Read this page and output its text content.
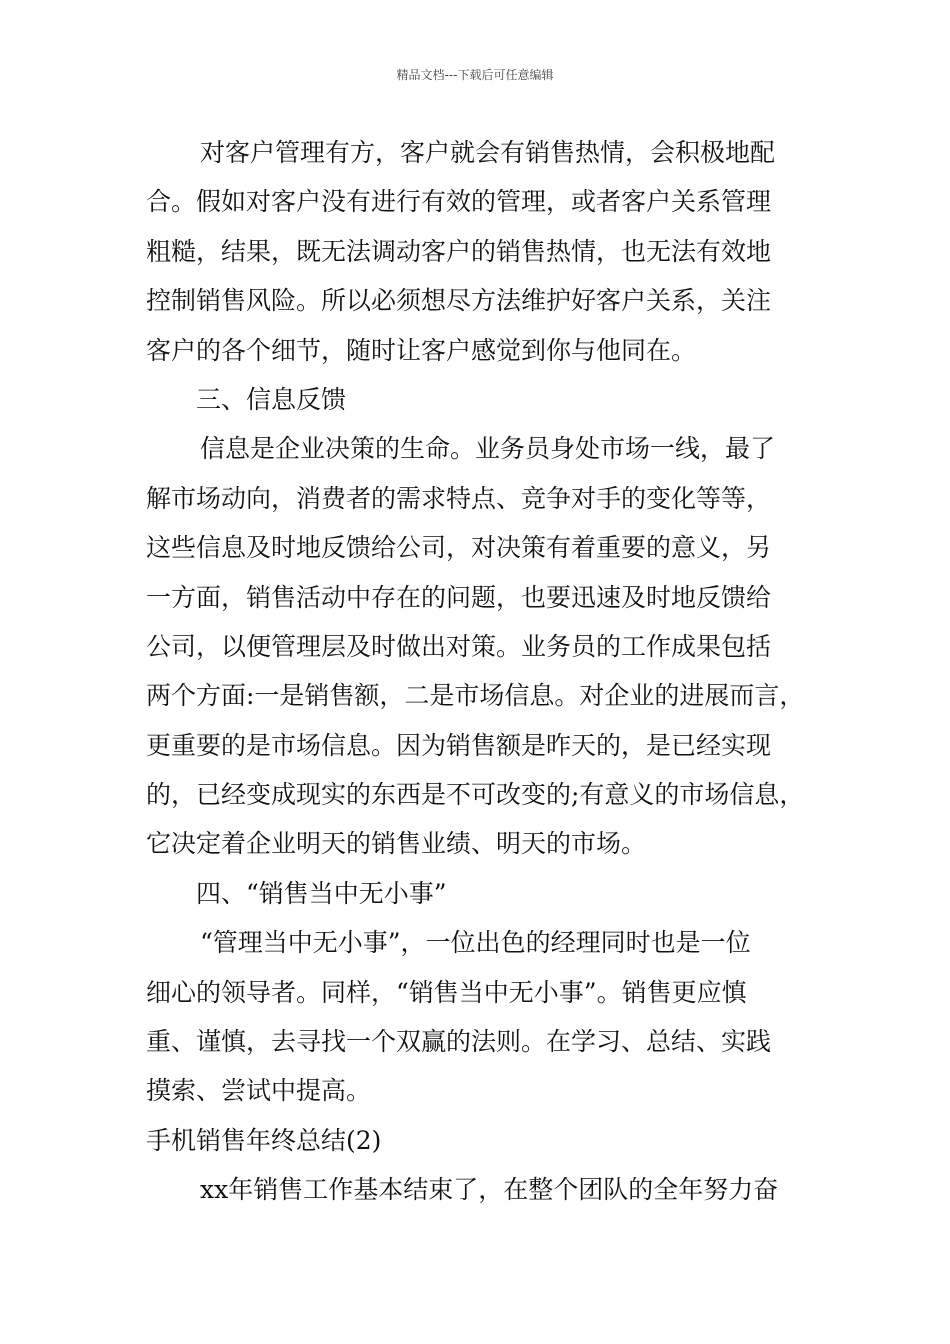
精品文档---下载后可任意编辑
对客户管理有方，客户就会有销售热情，会积极地配
合。假如对客户没有进行有效的管理，或者客户关系管理
粗糙，结果，既无法调动客户的销售热情，也无法有效地
控制销售风险。所以必须想尽方法维护好客户关系，关注
客户的各个细节，随时让客户感觉到你与他同在。
三、信息反馈
信息是企业决策的生命。业务员身处市场一线，最了
解市场动向，消费者的需求特点、竞争对手的变化等等，
这些信息及时地反馈给公司，对决策有着重要的意义，另
一方面，销售活动中存在的问题，也要迅速及时地反馈给
公司，以便管理层及时做出对策。业务员的工作成果包括
两个方面:一是销售额，二是市场信息。对企业的进展而言，
更重要的是市场信息。因为销售额是昨天的，是已经实现
的，已经变成现实的东西是不可改变的;有意义的市场信息，
它决定着企业明天的销售业绩、明天的市场。
四、“销售当中无小事”
“管理当中无小事”，一位出色的经理同时也是一位
细心的领导者。同样，“销售当中无小事”。销售更应慎
重、谨慎，去寻找一个双赢的法则。在学习、总结、实践
摸索、尝试中提高。
手机销售年终总结(2)
xx年销售工作基本结束了，在整个团队的全年努力奋
